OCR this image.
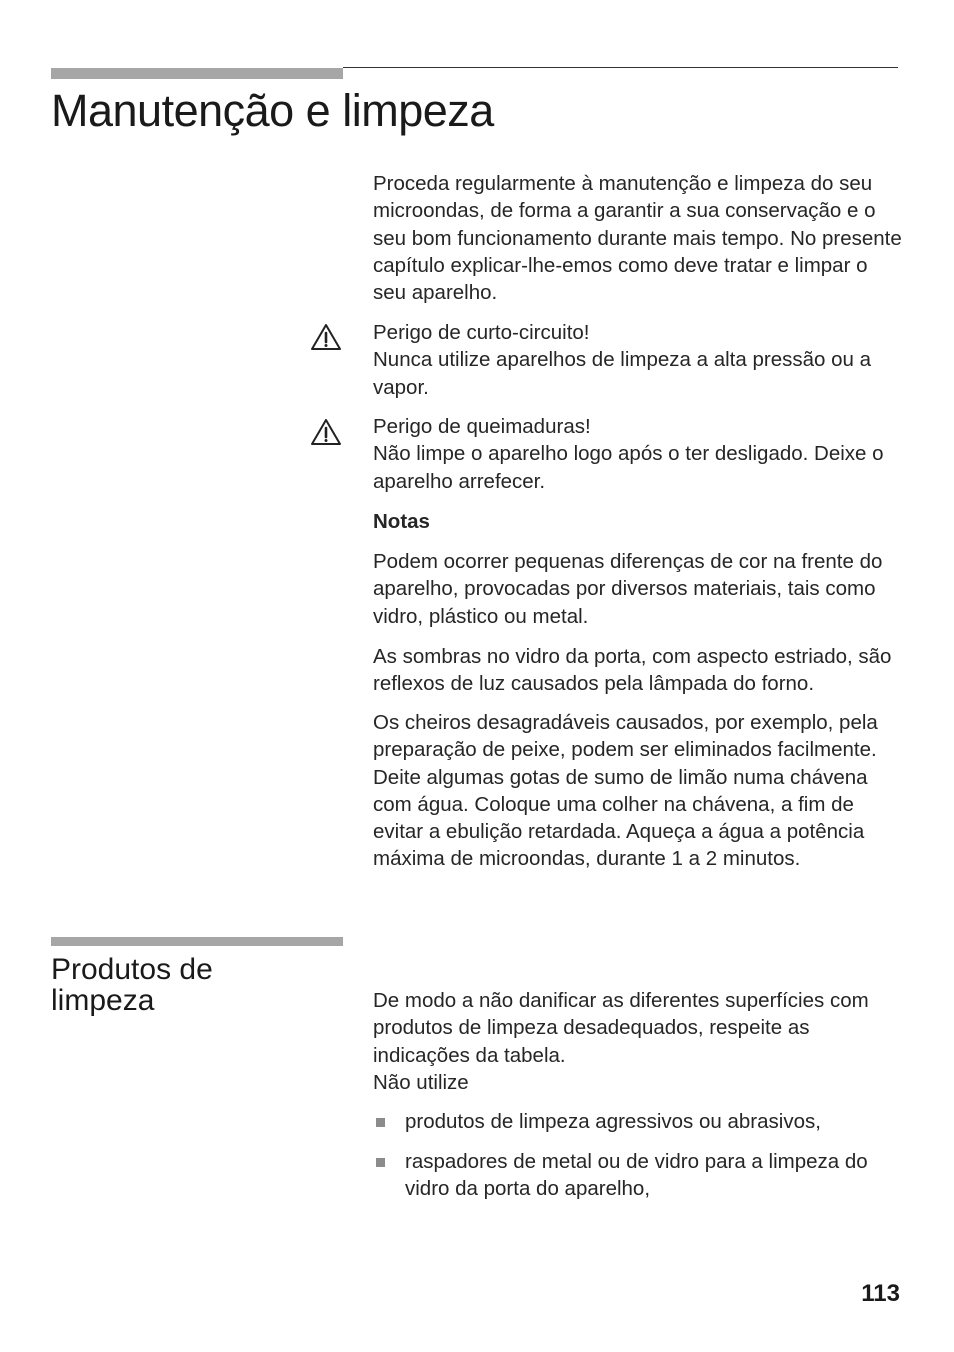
Manutenção e limpeza

Proceda regularmente à manutenção e limpeza do seu microondas, de forma a garantir a sua conservação e o seu bom funcionamento durante mais tempo. No presente capítulo explicar-lhe-emos como deve tratar e limpar o seu aparelho.

Perigo de curto-circuito!

Nunca utilize aparelhos de limpeza a alta pressão ou a vapor.

Perigo de queimaduras!

Não limpe o aparelho logo após o ter desligado. Deixe o aparelho arrefecer.

Notas

Podem ocorrer pequenas diferenças de cor na frente do aparelho, provocadas por diversos materiais, tais como vidro, plástico ou metal.

As sombras no vidro da porta, com aspecto estriado, são reflexos de luz causados pela lâmpada do forno.

Os cheiros desagradáveis causados, por exemplo, pela preparação de peixe, podem ser eliminados facilmente. Deite algumas gotas de sumo de limão numa chávena com água. Coloque uma colher na chávena, a fim de evitar a ebulição retardada. Aqueça a água a potência máxima de microondas, durante 1 a 2 minutos.

Produtos de limpeza	De modo a não danificar as diferentes superfícies com produtos de limpeza desadequados, respeite as indicações da tabela.

Não utilize

produtos de limpeza agressivos ou abrasivos,
raspadores de metal ou de vidro para a limpeza do vidro da porta do aparelho,
113
